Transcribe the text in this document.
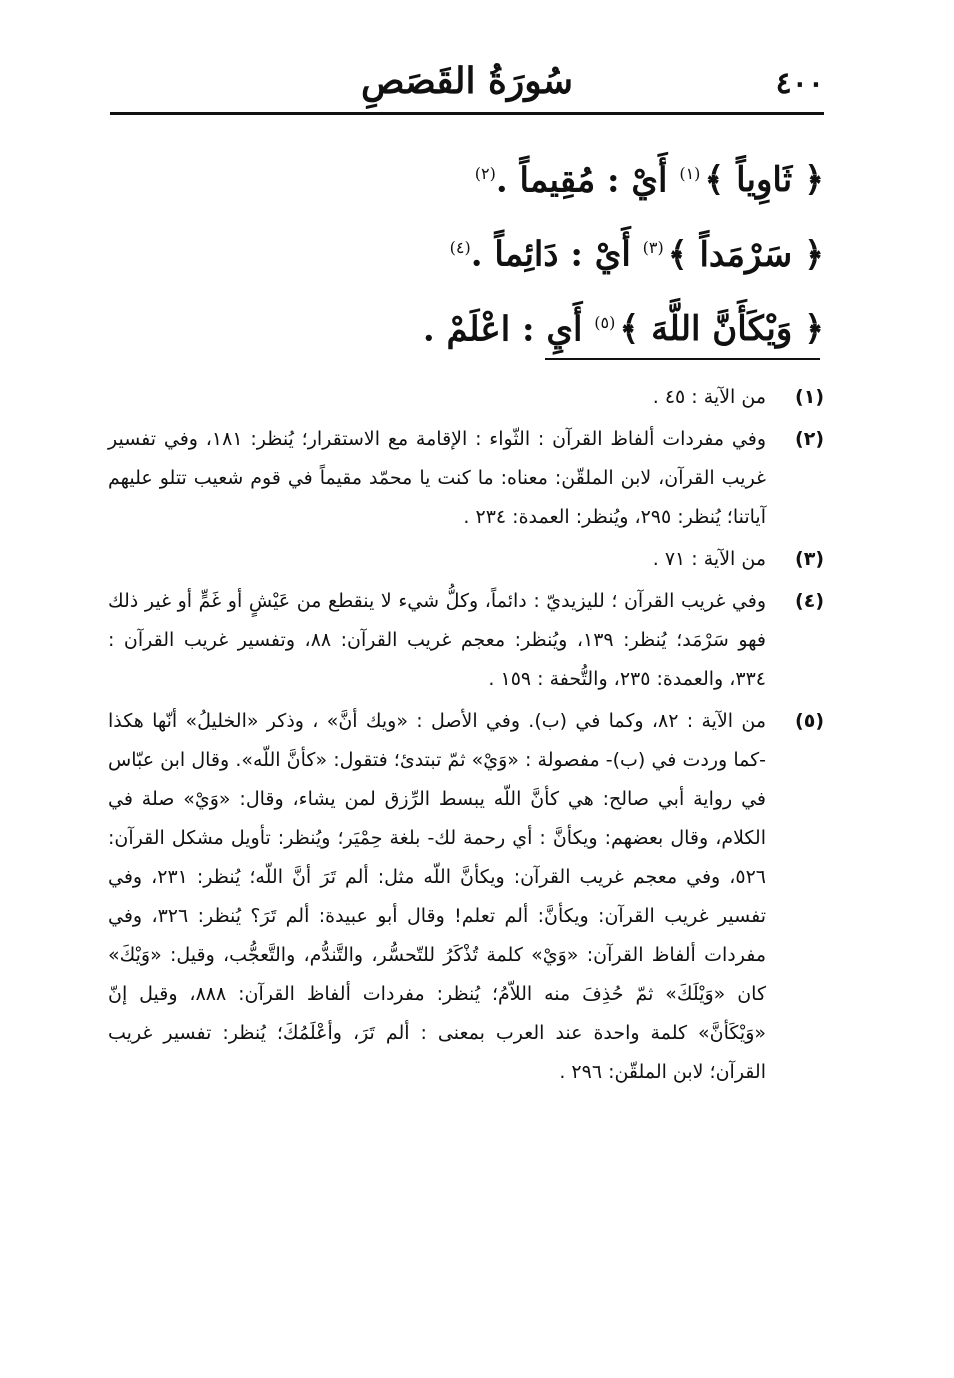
٤٠٠
سُورَةُ القَصَصِ
﴿ ثَاوِياً ﴾$^{(١)}$ أَيْ : مُقِيماً .$^{(٢)}$
﴿ سَرْمَداً ﴾$^{(٣)}$ أَيْ : دَائِماً .$^{(٤)}$
﴿ وَيْكَأَنَّ اللَّهَ ﴾$^{(٥)}$ أَيِ : اعْلَمْ .
(١)
من الآية : ٤٥ .
(٢)
وفي مفردات ألفاظ القرآن : الثّواء : الإقامة مع الاستقرار؛ يُنظر: ١٨١، وفي تفسير غريب القرآن، لابن الملقّن: معناه: ما كنت يا محمّد مقيماً في قوم شعيب تتلو عليهم آياتنا؛ يُنظر: ٢٩٥، ويُنظر: العمدة: ٢٣٤ .
(٣)
من الآية : ٧١ .
(٤)
وفي غريب القرآن ؛ لليزيديّ : دائماً، وكلُّ شيء لا ينقطع من عَيْشٍ أو غَمٍّ أو غير ذلك فهو سَرْمَد؛ يُنظر: ١٣٩، ويُنظر: معجم غريب القرآن: ٨٨، وتفسير غريب القرآن : ٣٣٤، والعمدة: ٢٣٥، والتُّحفة : ١٥٩ .
(٥)
من الآية : ٨٢، وكما في (ب). وفي الأصل : «ويك أنَّ» ، وذكر «الخليلُ» أنّها هكذا -كما وردت في (ب)- مفصولة : «وَيْ» ثمّ تبتدئ؛ فتقول: «كأنَّ اللّه». وقال ابن عبّاس في رواية أبي صالح: هي كأنَّ اللّه يبسط الرِّزق لمن يشاء، وقال: «وَيْ» صلة في الكلام، وقال بعضهم: ويكأنَّ : أي رحمة لك- بلغة حِمْيَر؛ ويُنظر: تأويل مشكل القرآن: ٥٢٦، وفي معجم غريب القرآن: ويكأنَّ اللّه مثل: ألم تَرَ أنَّ اللّه؛ يُنظر: ٢٣١، وفي تفسير غريب القرآن: ويكأنَّ: ألم تعلم! وقال أبو عبيدة: ألم تَرَ؟ يُنظر: ٣٢٦، وفي مفردات ألفاظ القرآن: «وَيْ» كلمة تُذْكَرُ للتّحسُّر، والتَّندُّم، والتَّعجُّب، وقيل: «وَيْكَ» كان «وَيْلَكَ» ثمّ حُذِفَ منه اللاّمُ؛ يُنظر: مفردات ألفاظ القرآن: ٨٨٨، وقيل إنّ «وَيْكَأنَّ» كلمة واحدة عند العرب بمعنى : ألم تَرَ، وأعْلَمُكَ؛ يُنظر: تفسير غريب القرآن؛ لابن الملقّن: ٢٩٦ .
